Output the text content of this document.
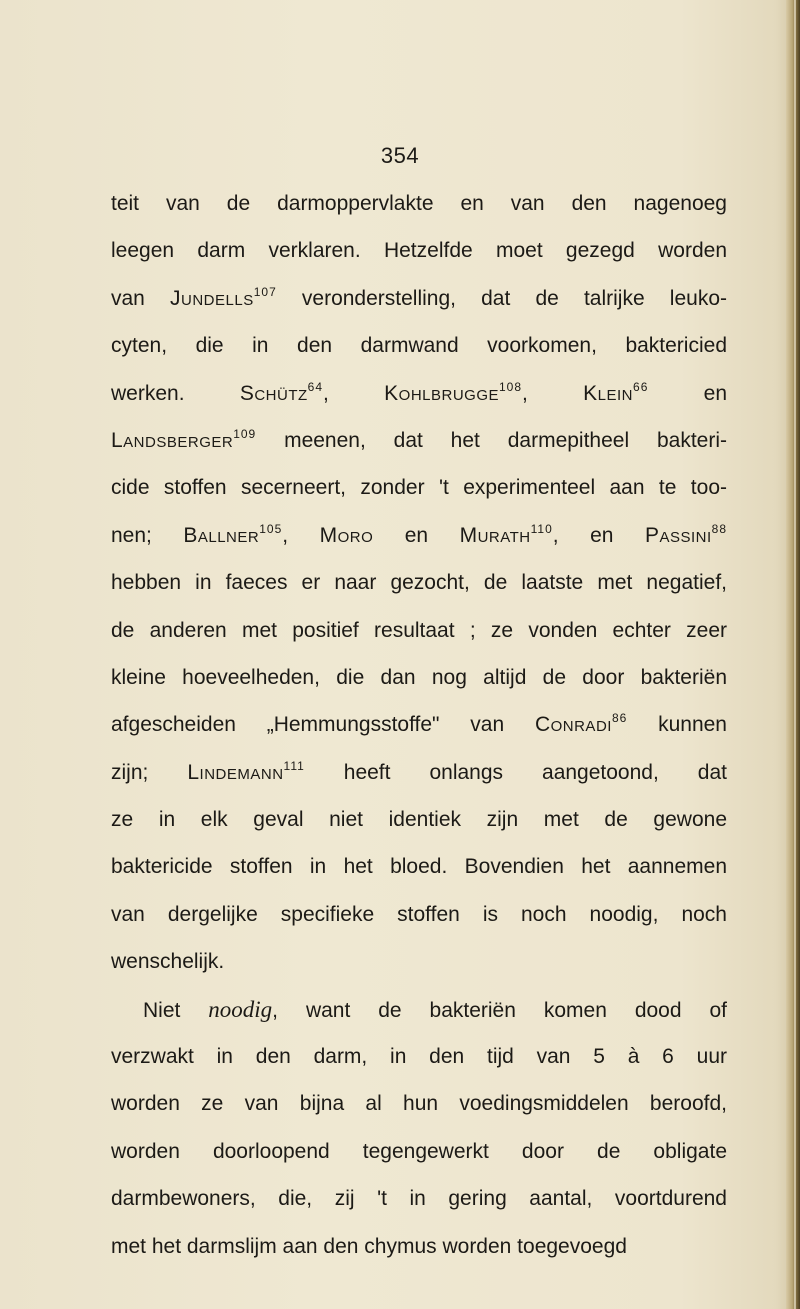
354
teit van de darmoppervlakte en van den nagenoeg
leegen darm verklaren. Hetzelfde moet gezegd worden
van Jundells$^{107}$ veronderstelling, dat de talrijke leuko-
cyten, die in den darmwand voorkomen, baktericied
werken. Schütz$^{64}$, Kohlbrugge$^{108}$, Klein$^{66}$ en
Landsberger$^{109}$ meenen, dat het darmepitheel bakteri-
cide stoffen secerneert, zonder 't experimenteel aan te too-
nen; Ballner$^{105}$, Moro en Murath$^{110}$, en Passini$^{88}$
hebben in faeces er naar gezocht, de laatste met negatief,
de anderen met positief resultaat ; ze vonden echter zeer
kleine hoeveelheden, die dan nog altijd de door bakteriën
afgescheiden „Hemmungsstoffe" van Conradi$^{86}$ kunnen
zijn; Lindemann$^{111}$ heeft onlangs aangetoond, dat
ze in elk geval niet identiek zijn met de gewone
baktericide stoffen in het bloed. Bovendien het aannemen
van dergelijke specifieke stoffen is noch noodig, noch
wenschelijk.
Niet noodig, want de bakteriën komen dood of
verzwakt in den darm, in den tijd van 5 à 6 uur
worden ze van bijna al hun voedingsmiddelen beroofd,
worden doorloopend tegengewerkt door de obligate
darmbewoners, die, zij 't in gering aantal, voortdurend
met het darmslijm aan den chymus worden toegevoegd
